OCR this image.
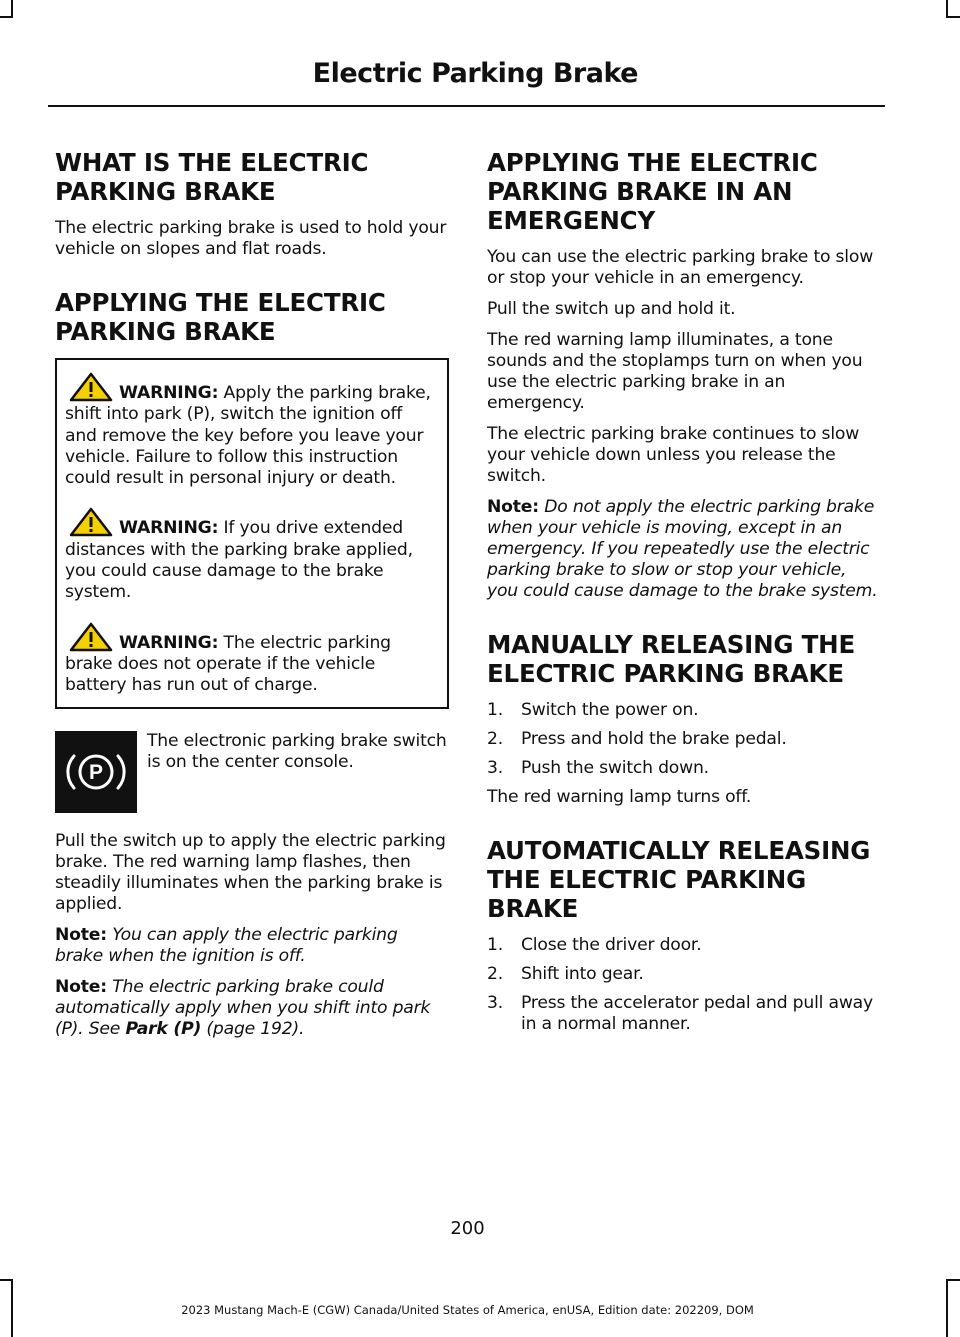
Electric Parking Brake
WHAT IS THE ELECTRIC PARKING BRAKE

The electric parking brake is used to hold your vehicle on slopes and flat roads.

APPLYING THE ELECTRIC PARKING BRAKE
WARNING: Apply the parking brake, shift into park (P), switch the ignition off and remove the key before you leave your vehicle. Failure to follow this instruction could result in personal injury or death.
WARNING: If you drive extended distances with the parking brake applied, you could cause damage to the brake system.
WARNING: The electric parking brake does not operate if the vehicle battery has run out of charge.
P

The electronic parking brake switch is on the center console.

Pull the switch up to apply the electric parking brake. The red warning lamp flashes, then steadily illuminates when the parking brake is applied.

Note: You can apply the electric parking brake when the ignition is off.

Note: The electric parking brake could automatically apply when you shift into park (P). See Park (P) (page 192).

APPLYING THE ELECTRIC PARKING BRAKE IN AN EMERGENCY

You can use the electric parking brake to slow or stop your vehicle in an emergency.

Pull the switch up and hold it.

The red warning lamp illuminates, a tone sounds and the stoplamps turn on when you use the electric parking brake in an emergency.

The electric parking brake continues to slow your vehicle down unless you release the switch.

Note: Do not apply the electric parking brake when your vehicle is moving, except in an emergency. If you repeatedly use the electric parking brake to slow or stop your vehicle, you could cause damage to the brake system.

MANUALLY RELEASING THE ELECTRIC PARKING BRAKE
1. Switch the power on.
2. Press and hold the brake pedal.
3. Push the switch down.

The red warning lamp turns off.

AUTOMATICALLY RELEASING THE ELECTRIC PARKING BRAKE
1. Close the driver door.
2. Shift into gear.
3. Press the accelerator pedal and pull away in a normal manner.
200
2023 Mustang Mach-E (CGW) Canada/United States of America, enUSA, Edition date: 202209, DOM
